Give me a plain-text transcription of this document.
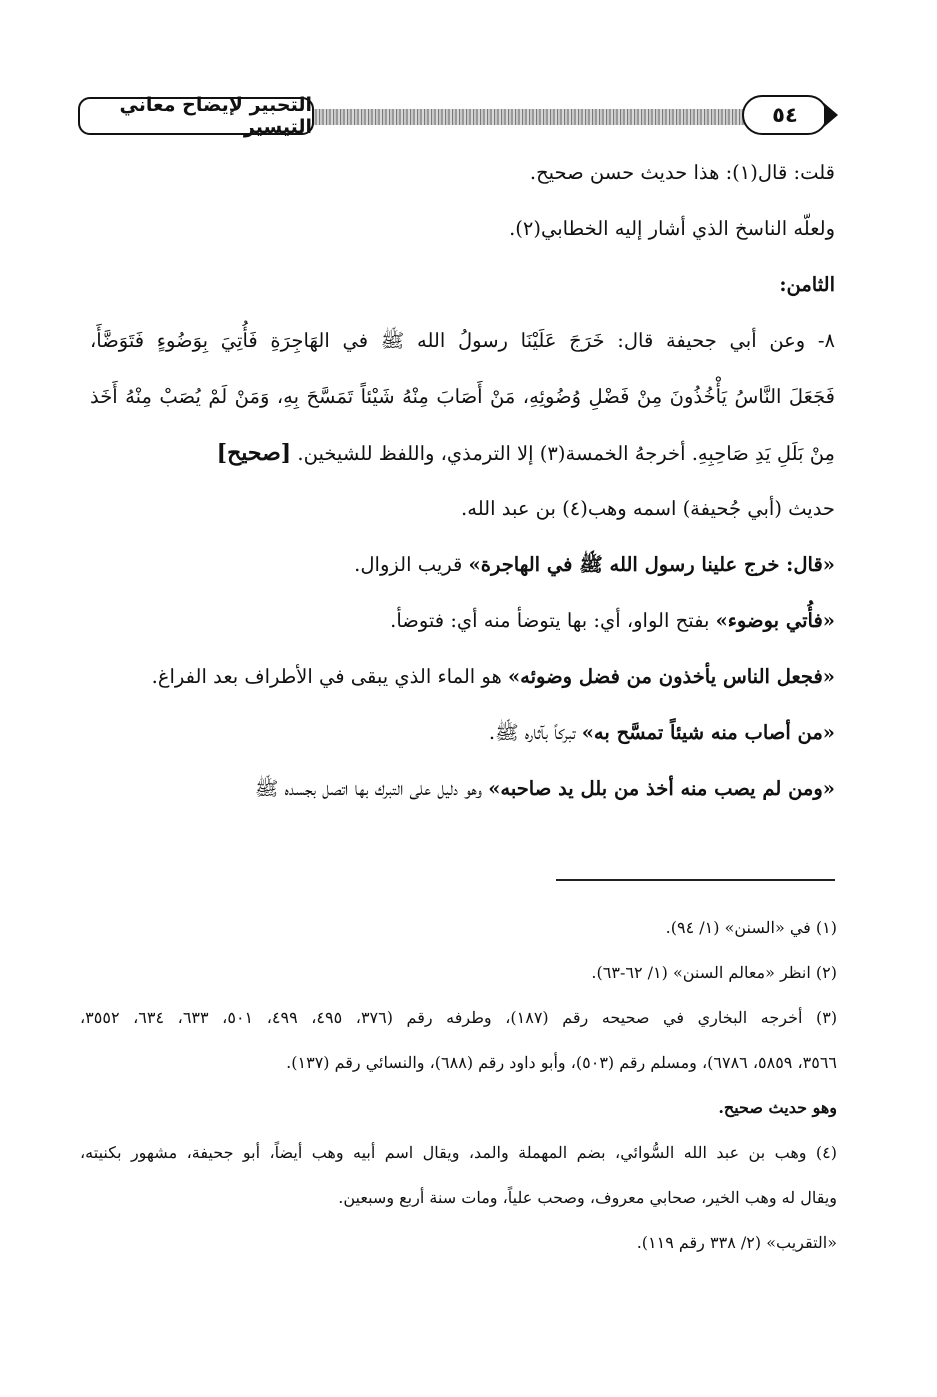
التحبير لإيضاح معاني التيسير	٥٤
قلت: قال(١): هذا حديث حسن صحيح.
ولعلّه الناسخ الذي أشار إليه الخطابي(٢).
الثامن:
٨- وعن أبي جحيفة قال: خَرَجَ عَلَيْنَا رسولُ الله ﷺ في الهَاجِرَةِ فَأُتِيَ بِوَضُوءٍ فَتَوَضَّأَ،
فَجَعَلَ النَّاسُ يَأْخُذُونَ مِنْ فَضْلِ وُضُوئِهِ، مَنْ أَصَابَ مِنْهُ شَيْئاً تَمَسَّحَ بِهِ، وَمَنْ لَمْ يُصَبْ مِنْهُ أَخَذ
مِنْ بَلَلِ يَدِ صَاحِبِهِ. أخرجهُ الخمسة(٣) إلا الترمذي، واللفظ للشيخين. [صحيح]
حديث (أبي جُحيفة) اسمه وهب(٤) بن عبد الله.
«قال: خرج علينا رسول الله ﷺ في الهاجرة» قريب الزوال.
«فأُتي بوضوء» بفتح الواو، أي: بها يتوضأ منه أي: فتوضأ.
«فجعل الناس يأخذون من فضل وضوئه» هو الماء الذي يبقى في الأطراف بعد الفراغ.
«من أصاب منه شيئاً تمسَّح به» تبركاً بآثاره ﷺ.
«ومن لم يصب منه أخذ من بلل يد صاحبه» وهو دليل على التبرك بها اتصل بجسده ﷺ
(١) في «السنن» (١/ ٩٤).
(٢) انظر «معالم السنن» (١/ ٦٢-٦٣).
(٣) أخرجه البخاري في صحيحه رقم (١٨٧)، وطرفه رقم (٣٧٦، ٤٩٥، ٤٩٩، ٥٠١، ٦٣٣، ٦٣٤، ٣٥٥٢،
٣٥٦٦، ٥٨٥٩، ٦٧٨٦)، ومسلم رقم (٥٠٣)، وأبو داود رقم (٦٨٨)، والنسائي رقم (١٣٧).
وهو حديث صحيح.
(٤) وهب بن عبد الله السُّوائي، بضم المهملة والمد، ويقال اسم أبيه وهب أيضاً، أبو جحيفة، مشهور بكنيته،
ويقال له وهب الخير، صحابي معروف، وصحب علياً، ومات سنة أربع وسبعين.
«التقريب» (٢/ ٣٣٨ رقم ١١٩).
